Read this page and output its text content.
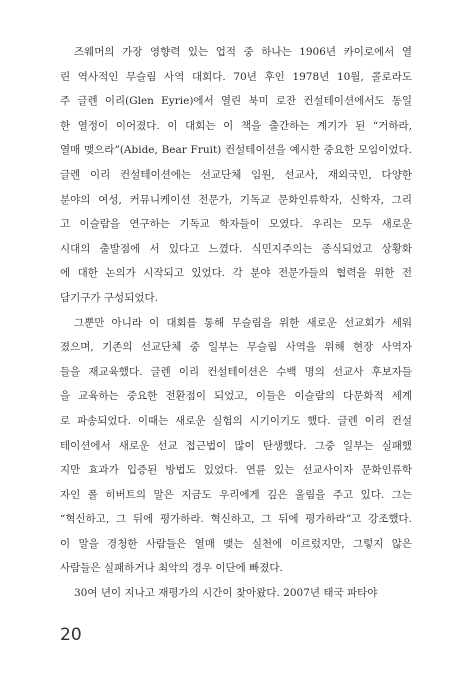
즈웨머의 가장 영향력 있는 업적 중 하나는 1906년 카이로에서 열
린 역사적인 무슬림 사역 대회다. 70년 후인 1978년 10월, 콜로라도
주 글렌 이리(Glen Eyrie)에서 열린 북미 로잔 컨설테이션에서도 동일
한 열정이 이어졌다. 이 대회는 이 책을 출간하는 계기가 된 “거하라,
열매 맺으라”(Abide, Bear Fruit) 컨설테이션을 예시한 중요한 모임이었다.
글렌 이리 컨설테이션에는 선교단체 임원, 선교사, 재외국민, 다양한
분야의 여성, 커뮤니케이션 전문가, 기독교 문화인류학자, 신학자, 그리
고 이슬람을 연구하는 기독교 학자들이 모였다. 우리는 모두 새로운
시대의 출발점에 서 있다고 느꼈다. 식민지주의는 종식되었고 상황화
에 대한 논의가 시작되고 있었다. 각 분야 전문가들의 협력을 위한 전
담기구가 구성되었다.
그뿐만 아니라 이 대회를 통해 무슬림을 위한 새로운 선교회가 세워
졌으며, 기존의 선교단체 중 일부는 무슬림 사역을 위해 현장 사역자
들을 재교육했다. 글렌 이리 컨설테이션은 수백 명의 선교사 후보자들
을 교육하는 중요한 전환점이 되었고, 이들은 이슬람의 다문화적 세계
로 파송되었다. 이때는 새로운 실험의 시기이기도 했다. 글렌 이리 컨설
테이션에서 새로운 선교 접근법이 많이 탄생했다. 그중 일부는 실패했
지만 효과가 입증된 방법도 있었다. 연륜 있는 선교사이자 문화인류학
자인 폴 히버트의 말은 지금도 우리에게 깊은 울림을 주고 있다. 그는
“혁신하고, 그 뒤에 평가하라. 혁신하고, 그 뒤에 평가하라”고 강조했다.
이 말을 경청한 사람들은 열매 맺는 실천에 이르렀지만, 그렇지 않은
사람들은 실패하거나 최악의 경우 이단에 빠졌다.
30여 년이 지나고 재평가의 시간이 찾아왔다. 2007년 태국 파타야
20
